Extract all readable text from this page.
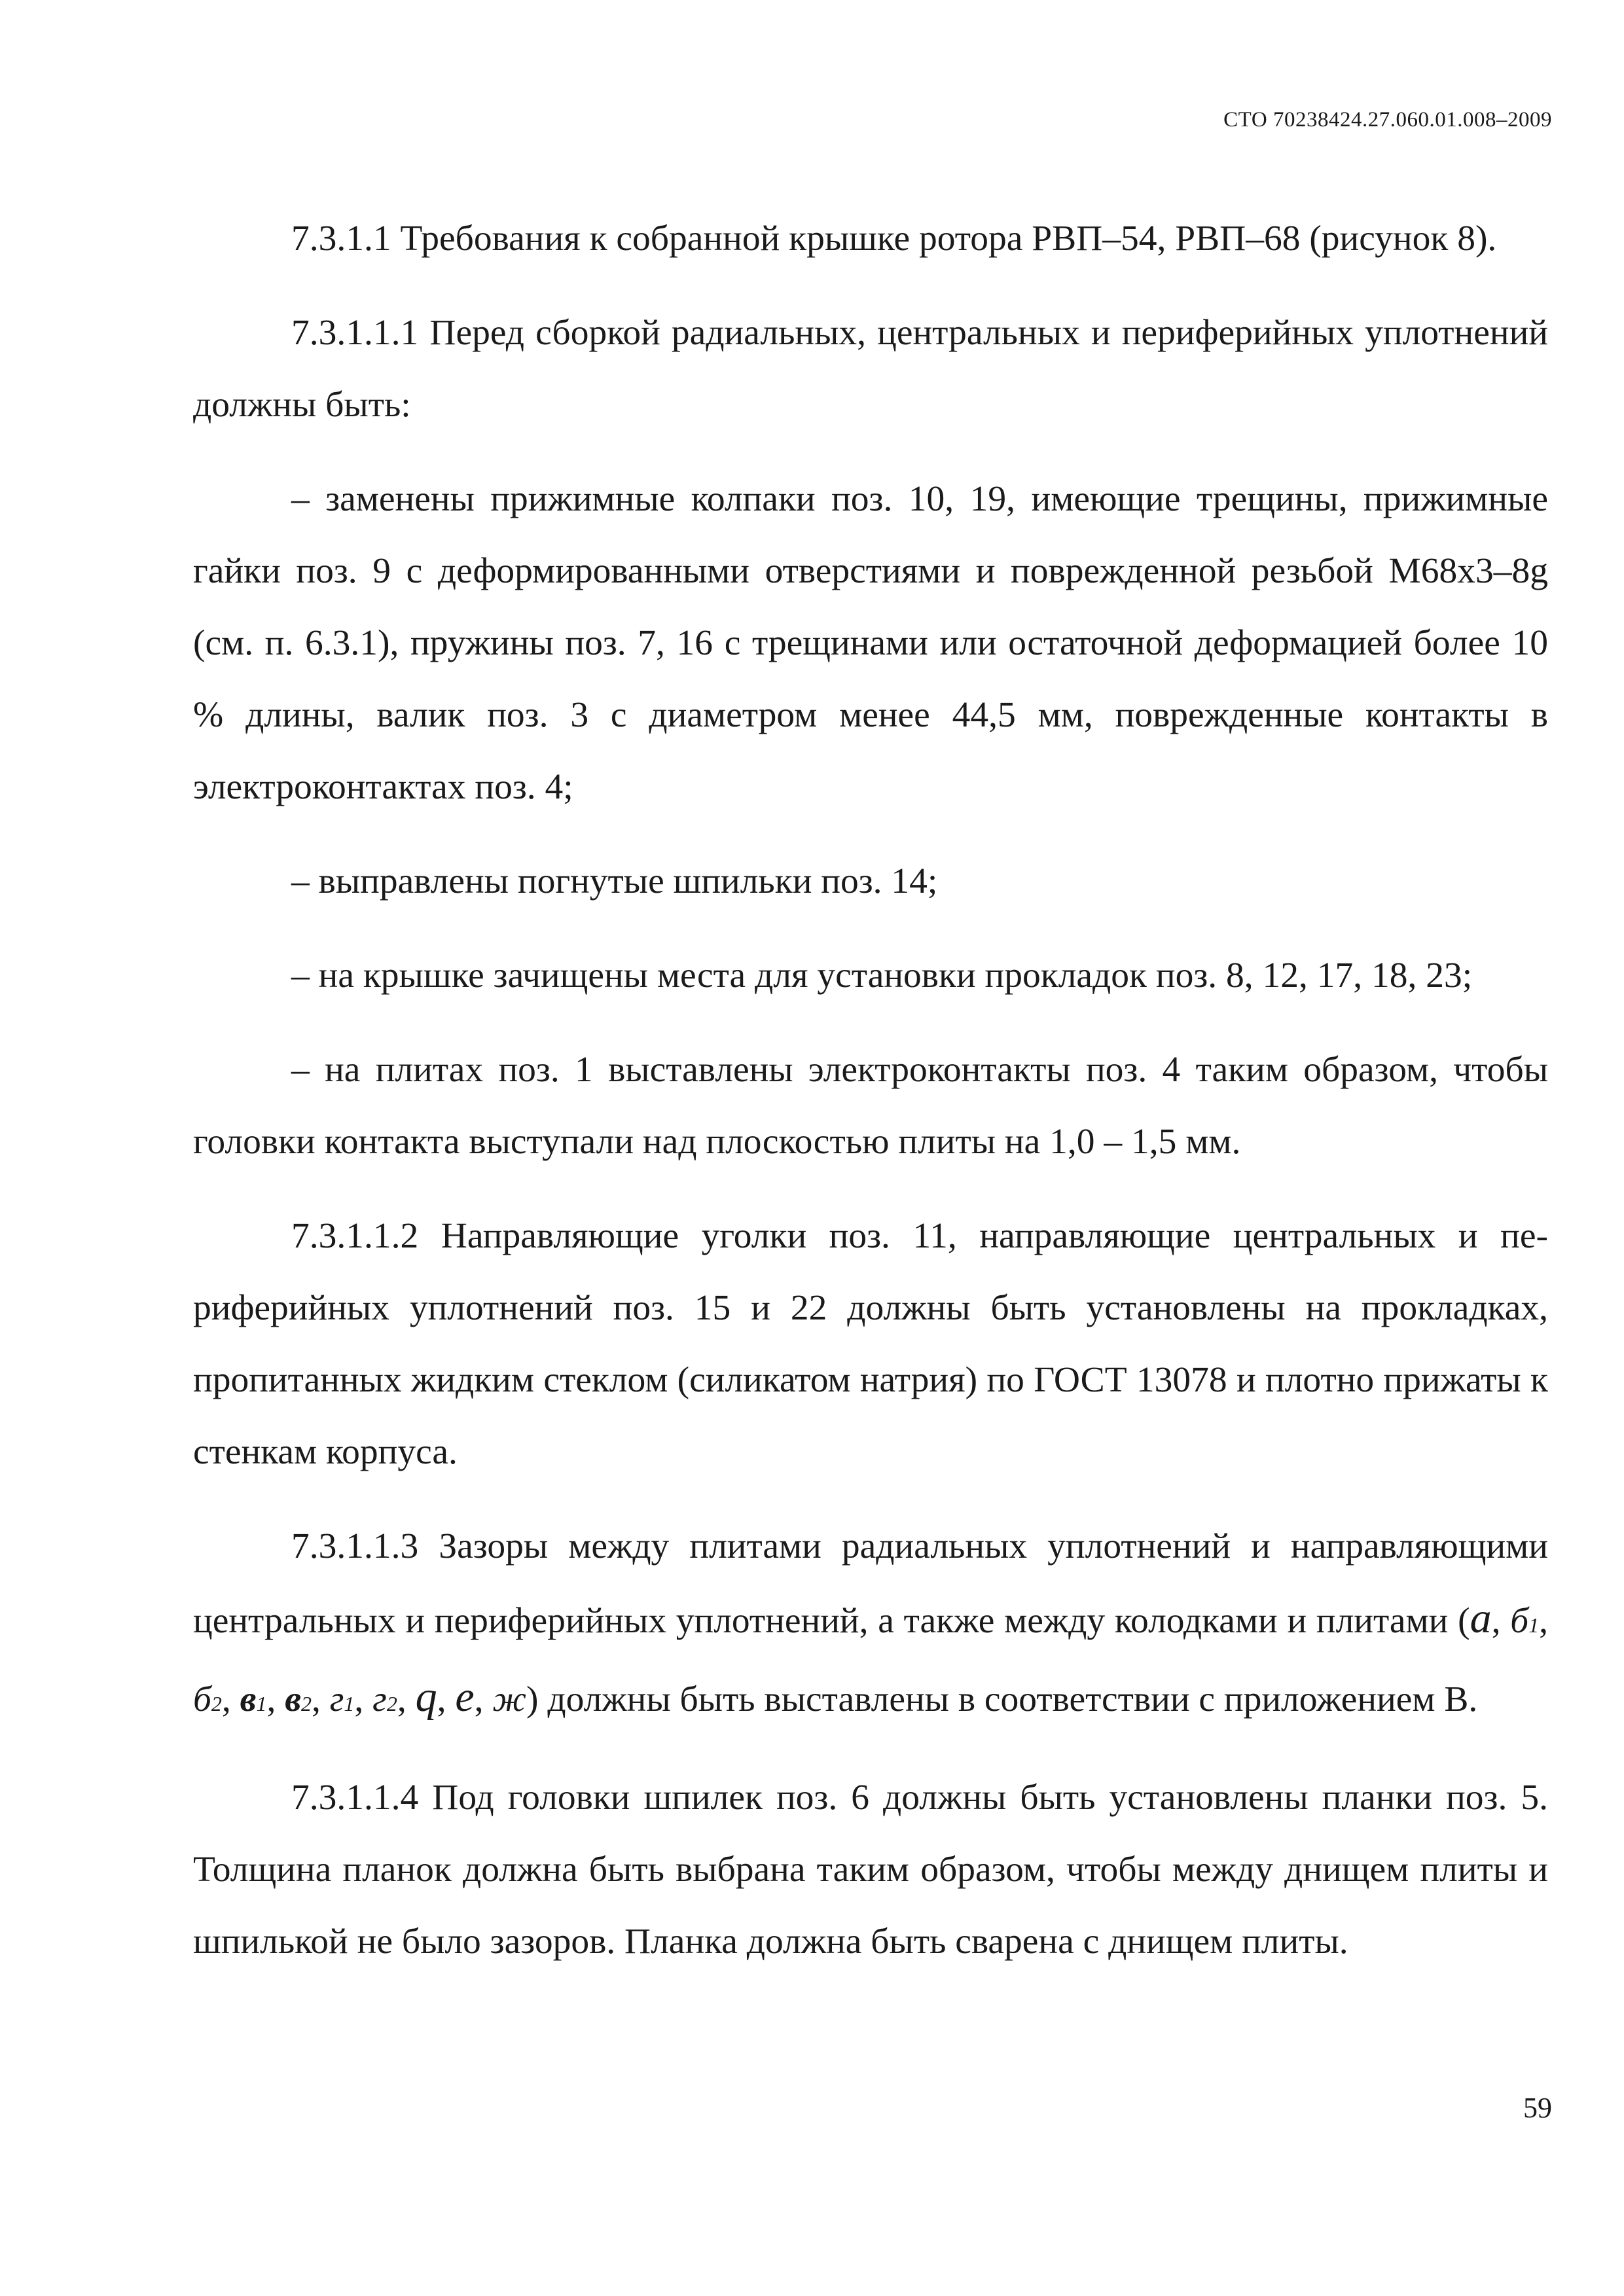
СТО 70238424.27.060.01.008–2009

7.3.1.1 Требования к собранной крышке ротора РВП–54, РВП–68 (рисунок 8).

7.3.1.1.1 Перед сборкой радиальных, центральных и периферийных уплотнений должны быть:

– заменены прижимные колпаки поз. 10, 19, имеющие трещины, прижимные гайки поз. 9 с деформированными отверстиями и поврежденной резьбой М68х3–8g (см. п. 6.3.1), пружины поз. 7, 16 с трещинами или остаточной деформацией более 10 % длины, валик поз. 3 с диаметром менее 44,5 мм, поврежденные контакты в электроконтактах поз. 4;

– выправлены погнутые шпильки поз. 14;

– на крышке зачищены места для установки прокладок поз. 8, 12, 17, 18, 23;

– на плитах поз. 1 выставлены электроконтакты поз. 4 таким образом, чтобы головки контакта выступали над плоскостью плиты на 1,0 – 1,5 мм.

7.3.1.1.2 Направляющие уголки поз. 11, направляющие центральных и периферийных уплотнений поз. 15 и 22 должны быть установлены на прокладках, пропитанных жидким стеклом (силикатом натрия) по ГОСТ 13078 и плотно прижаты к стенкам корпуса.

7.3.1.1.3 Зазоры между плитами радиальных уплотнений и направляющими центральных и периферийных уплотнений, а также между колодками и плитами (а, б1, б2, в1, в2, г1, г2, q, е, ж) должны быть выставлены в соответствии с приложением В.

7.3.1.1.4 Под головки шпилек поз. 6 должны быть установлены планки поз. 5. Толщина планок должна быть выбрана таким образом, чтобы между днищем плиты и шпилькой не было зазоров. Планка должна быть сварена с днищем плиты.

59
